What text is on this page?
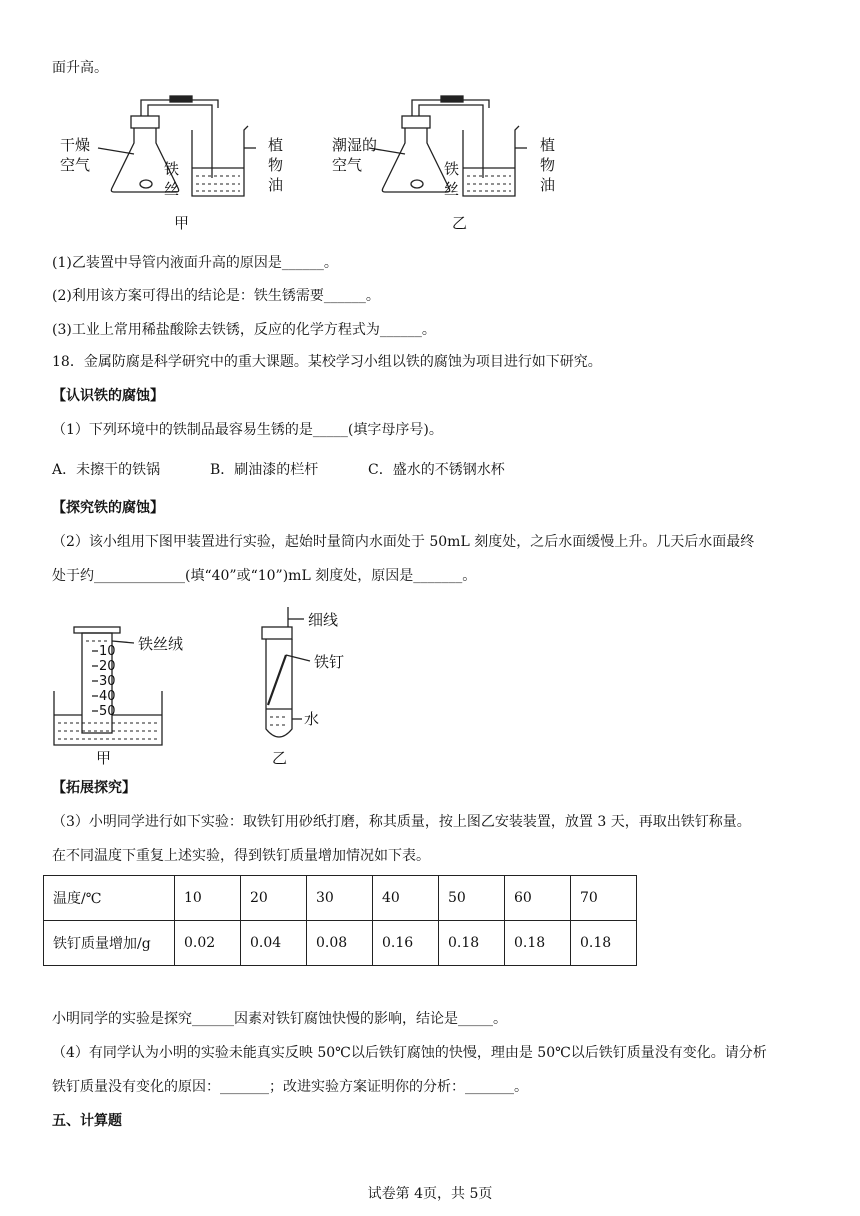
面升高。
干燥
空气	铁
丝
植
物
油
甲
潮湿的
空气	铁
丝
植
物
油
乙
(1)乙装置中导管内液面升高的原因是______。
(2)利用该方案可得出的结论是：铁生锈需要______。
(3)工业上常用稀盐酸除去铁锈，反应的化学方程式为______。
18．金属防腐是科学研究中的重大课题。某校学习小组以铁的腐蚀为项目进行如下研究。
【认识铁的腐蚀】
（1）下列环境中的铁制品最容易生锈的是_____(填字母序号)。
A．未擦干的铁锅	B．刷油漆的栏杆	C．盛水的不锈钢水杯
【探究铁的腐蚀】
（2）该小组用下图甲装置进行实验，起始时量筒内水面处于 50mL 刻度处，之后水面缓慢上升。几天后水面最终
处于约_____________(填“40”或“10”)mL 刻度处，原因是_______。
10
20
30
40
50
铁丝绒
甲
细线
铁钉
水
乙
【拓展探究】
（3）小明同学进行如下实验：取铁钉用砂纸打磨，称其质量，按上图乙安装装置，放置 3 天，再取出铁钉称量。
在不同温度下重复上述实验，得到铁钉质量增加情况如下表。
温度/℃	10	20	30	40	50	60	70
铁钉质量增加/g	0.02	0.04	0.08	0.16	0.18	0.18	0.18
小明同学的实验是探究______因素对铁钉腐蚀快慢的影响，结论是_____。
（4）有同学认为小明的实验未能真实反映 50℃以后铁钉腐蚀的快慢，理由是 50℃以后铁钉质量没有变化。请分析
铁钉质量没有变化的原因：_______；改进实验方案证明你的分析：_______。
五、计算题
试卷第 4页，共 5页
